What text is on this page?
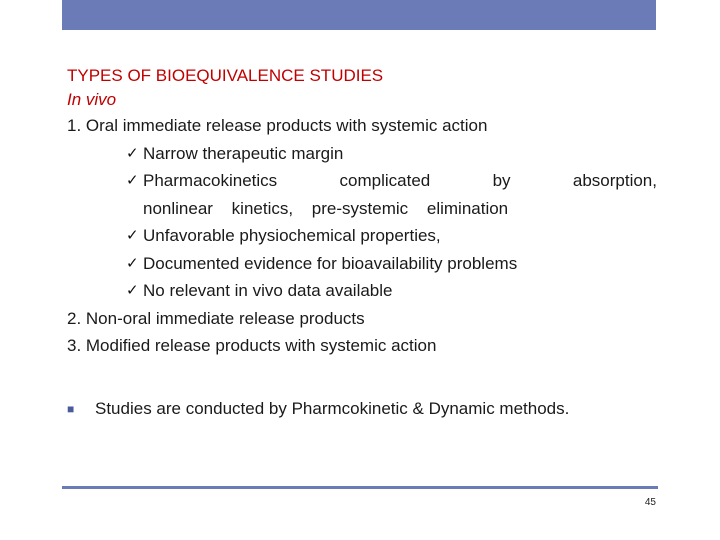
TYPES OF BIOEQUIVALENCE STUDIES
In vivo
1. Oral immediate release products with systemic action
✓ Narrow therapeutic margin
✓ Pharmacokinetics complicated by absorption,
nonlinear kinetics, pre-systemic elimination
✓ Unfavorable physiochemical properties,
✓ Documented evidence for bioavailability problems
✓ No relevant in vivo data available
2. Non-oral immediate release products
3. Modified release products with systemic action
■	Studies are conducted by Pharmcokinetic & Dynamic methods.
45
